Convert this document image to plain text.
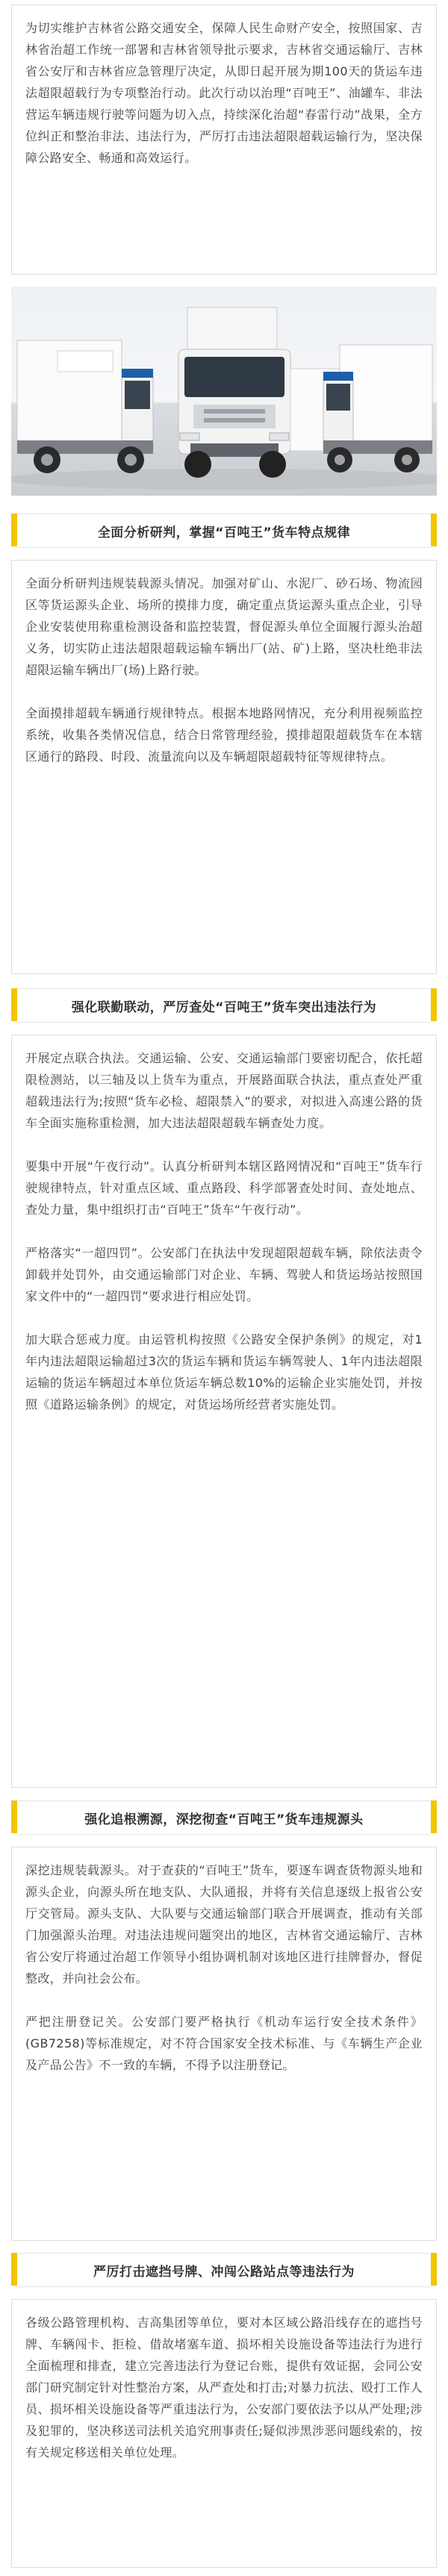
为切实维护吉林省公路交通安全，保障人民生命财产安全，按照国家、吉林省治超工作统一部署和吉林省领导批示要求，吉林省交通运输厅、吉林省公安厅和吉林省应急管理厅决定，从即日起开展为期100天的货运车违法超限超载行为专项整治行动。此次行动以治理“百吨王”、油罐车、非法营运车辆违规行驶等问题为切入点，持续深化治超“春雷行动”战果，全方位纠正和整治非法、违法行为，严厉打击违法超限超载运输行为，坚决保障公路安全、畅通和高效运行。

全面分析研判，掌握“百吨王”货车特点规律

全面分析研判违规装载源头情况。加强对矿山、水泥厂、砂石场、物流园区等货运源头企业、场所的摸排力度，确定重点货运源头重点企业，引导企业安装使用称重检测设备和监控装置，督促源头单位全面履行源头治超义务，切实防止违法超限超载运输车辆出厂(站、矿)上路，坚决杜绝非法超限运输车辆出厂(场)上路行驶。

全面摸排超载车辆通行规律特点。根据本地路网情况，充分利用视频监控系统，收集各类情况信息，结合日常管理经验，摸排超限超载货车在本辖区通行的路段、时段、流量流向以及车辆超限超载特征等规律特点。

强化联勤联动，严厉查处“百吨王”货车突出违法行为

开展定点联合执法。交通运输、公安、交通运输部门要密切配合，依托超限检测站，以三轴及以上货车为重点，开展路面联合执法，重点查处严重超载违法行为;按照“货车必检、超限禁入”的要求，对拟进入高速公路的货车全面实施称重检测，加大违法超限超载车辆查处力度。

要集中开展“午夜行动”。认真分析研判本辖区路网情况和“百吨王”货车行驶规律特点，针对重点区域、重点路段、科学部署查处时间、查处地点、查处力量，集中组织打击“百吨王”货车“午夜行动”。

严格落实“一超四罚”。公安部门在执法中发现超限超载车辆，除依法责令卸载并处罚外，由交通运输部门对企业、车辆、驾驶人和货运场站按照国家文件中的“一超四罚”要求进行相应处罚。

加大联合惩戒力度。由运管机构按照《公路安全保护条例》的规定，对1年内违法超限运输超过3次的货运车辆和货运车辆驾驶人、1年内违法超限运输的货运车辆超过本单位货运车辆总数10%的运输企业实施处罚，并按照《道路运输条例》的规定，对货运场所经营者实施处罚。

强化追根溯源，深挖彻查“百吨王”货车违规源头

深挖违规装载源头。对于查获的“百吨王”货车，要逐车调查货物源头地和源头企业，向源头所在地支队、大队通报，并将有关信息逐级上报省公安厅交管局。源头支队、大队要与交通运输部门联合开展调查，推动有关部门加强源头治理。对违法违规问题突出的地区，吉林省交通运输厅、吉林省公安厅将通过治超工作领导小组协调机制对该地区进行挂牌督办，督促整改，并向社会公布。

严把注册登记关。公安部门要严格执行《机动车运行安全技术条件》(GB7258)等标准规定，对不符合国家安全技术标准、与《车辆生产企业及产品公告》不一致的车辆，不得予以注册登记。

严厉打击遮挡号牌、冲闯公路站点等违法行为

各级公路管理机构、吉高集团等单位，要对本区域公路沿线存在的遮挡号牌、车辆闯卡、拒检、借故堵塞车道、损坏相关设施设备等违法行为进行全面梳理和排查，建立完善违法行为登记台账，提供有效证据，会同公安部门研究制定针对性整治方案，从严查处和打击;对暴力抗法、殴打工作人员、损坏相关设施设备等严重违法行为，公安部门要依法予以从严处理;涉及犯罪的，坚决移送司法机关追究刑事责任;疑似涉黑涉恶问题线索的，按有关规定移送相关单位处理。
